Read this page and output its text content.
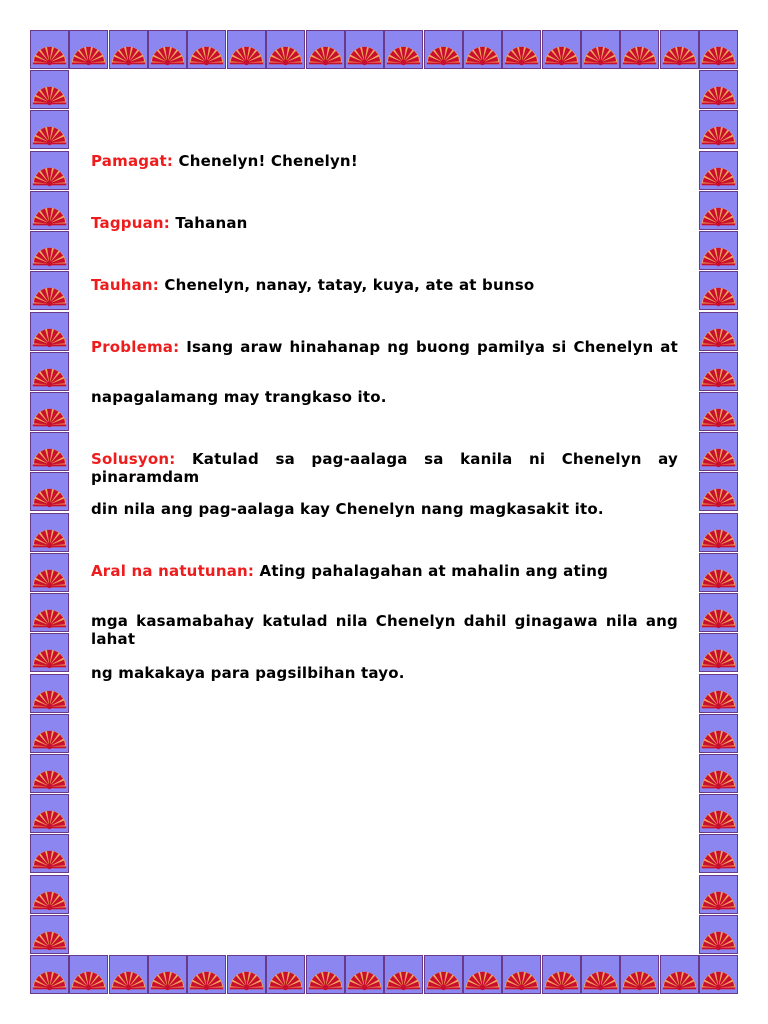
Pamagat: Chenelyn! Chenelyn!

Tagpuan: Tahanan

Tauhan: Chenelyn, nanay, tatay, kuya, ate at bunso

Problema: Isang araw hinahanap ng buong pamilya si Chenelyn at

napagalamang may trangkaso ito.

Solusyon: Katulad sa pag-aalaga sa kanila ni Chenelyn ay pinaramdam

din nila ang pag-aalaga kay Chenelyn nang magkasakit ito.

Aral na natutunan: Ating pahalagahan at mahalin ang ating

mga kasamabahay katulad nila Chenelyn dahil ginagawa nila ang lahat

ng makakaya para pagsilbihan tayo.
